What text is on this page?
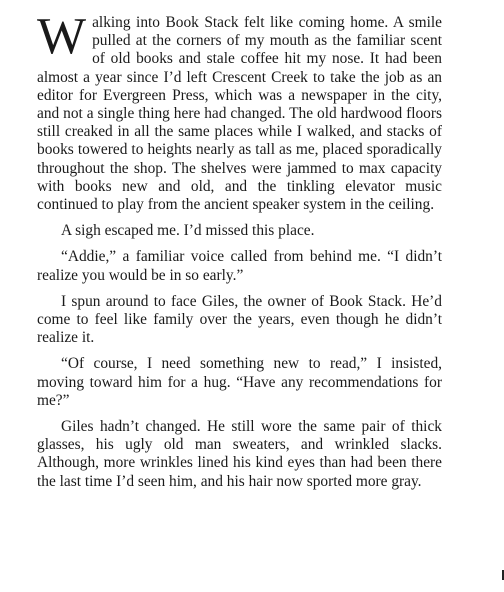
Walking into Book Stack felt like coming home. A smile pulled at the corners of my mouth as the familiar scent of old books and stale coffee hit my nose. It had been almost a year since I’d left Crescent Creek to take the job as an editor for Evergreen Press, which was a newspaper in the city, and not a single thing here had changed. The old hardwood floors still creaked in all the same places while I walked, and stacks of books towered to heights nearly as tall as me, placed sporadically throughout the shop. The shelves were jammed to max capacity with books new and old, and the tinkling elevator music continued to play from the ancient speaker system in the ceiling.

A sigh escaped me. I’d missed this place.

“Addie,” a familiar voice called from behind me. “I didn’t realize you would be in so early.”

I spun around to face Giles, the owner of Book Stack. He’d come to feel like family over the years, even though he didn’t realize it.

“Of course, I need something new to read,” I insisted, moving toward him for a hug. “Have any recommendations for me?”

Giles hadn’t changed. He still wore the same pair of thick glasses, his ugly old man sweaters, and wrinkled slacks. Although, more wrinkles lined his kind eyes than had been there the last time I’d seen him, and his hair now sported more gray.
